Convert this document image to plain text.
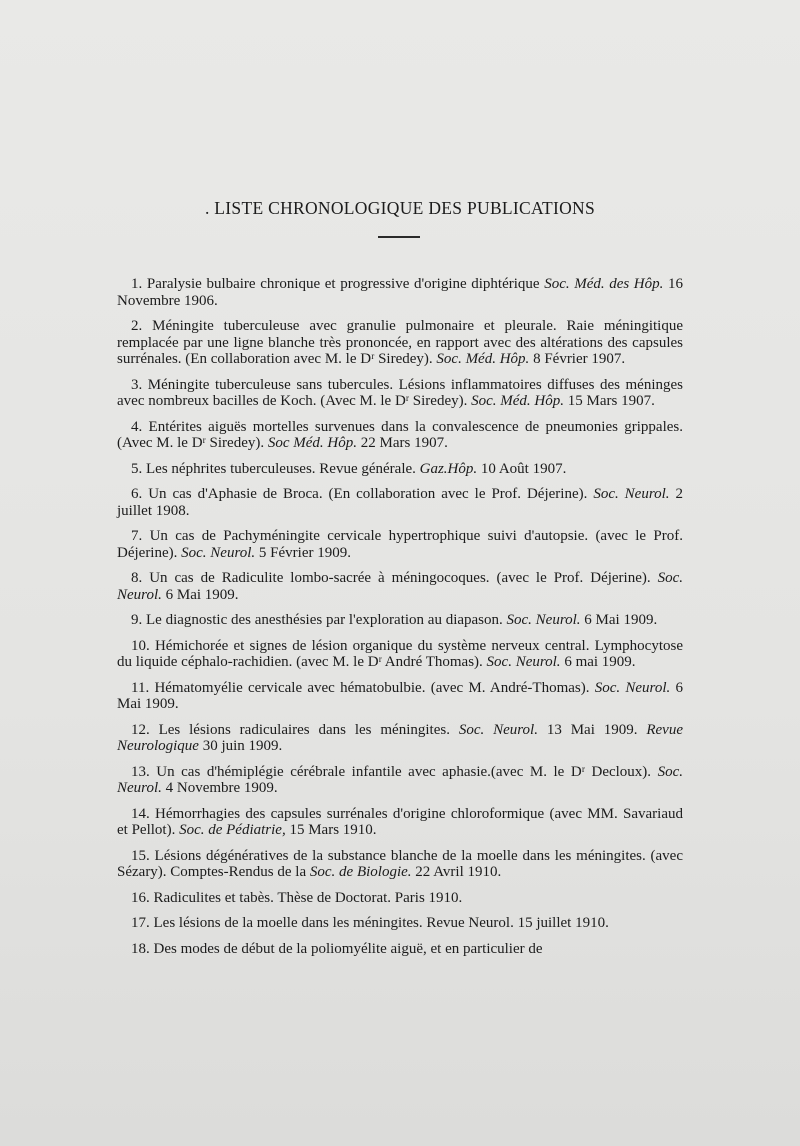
. LISTE CHRONOLOGIQUE DES PUBLICATIONS
1. Paralysie bulbaire chronique et progressive d'origine diphtérique Soc. Méd. des Hôp. 16 Novembre 1906.
2. Méningite tuberculeuse avec granulie pulmonaire et pleurale. Raie méningitique remplacée par une ligne blanche très prononcée, en rapport avec des altérations des capsules surrénales. (En collaboration avec M. le Dʳ Siredey). Soc. Méd. Hôp. 8 Février 1907.
3. Méningite tuberculeuse sans tubercules. Lésions inflammatoires diffuses des méninges avec nombreux bacilles de Koch. (Avec M. le Dʳ Siredey). Soc. Méd. Hôp. 15 Mars 1907.
4. Entérites aiguës mortelles survenues dans la convalescence de pneumonies grippales. (Avec M. le Dʳ Siredey). Soc Méd. Hôp. 22 Mars 1907.
5. Les néphrites tuberculeuses. Revue générale. Gaz.Hôp. 10 Août 1907.
6. Un cas d'Aphasie de Broca. (En collaboration avec le Prof. Déjerine). Soc. Neurol. 2 juillet 1908.
7. Un cas de Pachyméningite cervicale hypertrophique suivi d'autopsie. (avec le Prof. Déjerine). Soc. Neurol. 5 Février 1909.
8. Un cas de Radiculite lombo-sacrée à méningocoques. (avec le Prof. Déjerine). Soc. Neurol. 6 Mai 1909.
9. Le diagnostic des anesthésies par l'exploration au diapason. Soc. Neurol. 6 Mai 1909.
10. Hémichorée et signes de lésion organique du système nerveux central. Lymphocytose du liquide céphalo-rachidien. (avec M. le Dʳ André Thomas). Soc. Neurol. 6 mai 1909.
11. Hématomyélie cervicale avec hématobulbie. (avec M. André-Thomas). Soc. Neurol. 6 Mai 1909.
12. Les lésions radiculaires dans les méningites. Soc. Neurol. 13 Mai 1909. Revue Neurologique 30 juin 1909.
13. Un cas d'hémiplégie cérébrale infantile avec aphasie.(avec M. le Dʳ Decloux). Soc. Neurol. 4 Novembre 1909.
14. Hémorrhagies des capsules surrénales d'origine chloroformique (avec MM. Savariaud et Pellot). Soc. de Pédiatrie, 15 Mars 1910.
15. Lésions dégénératives de la substance blanche de la moelle dans les méningites. (avec Sézary). Comptes-Rendus de la Soc. de Biologie. 22 Avril 1910.
16. Radiculites et tabès. Thèse de Doctorat. Paris 1910.
17. Les lésions de la moelle dans les méningites. Revue Neurol. 15 juillet 1910.
18. Des modes de début de la poliomyélite aiguë, et en particulier de
